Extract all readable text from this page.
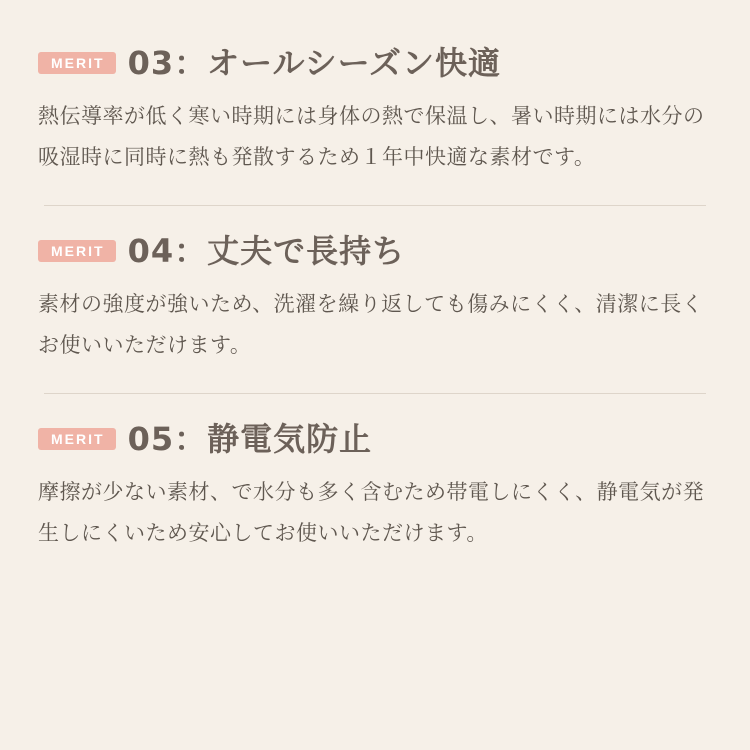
MERIT 03：オールシーズン快適

熱伝導率が低く寒い時期には身体の熱で保温し、暑い時期には水分の吸湿時に同時に熱も発散するため１年中快適な素材です。

MERIT 04：丈夫で長持ち

素材の強度が強いため、洗濯を繰り返しても傷みにくく、清潔に長くお使いいただけます。

MERIT 05：静電気防止

摩擦が少ない素材、で水分も多く含むため帯電しにくく、静電気が発生しにくいため安心してお使いいただけます。
